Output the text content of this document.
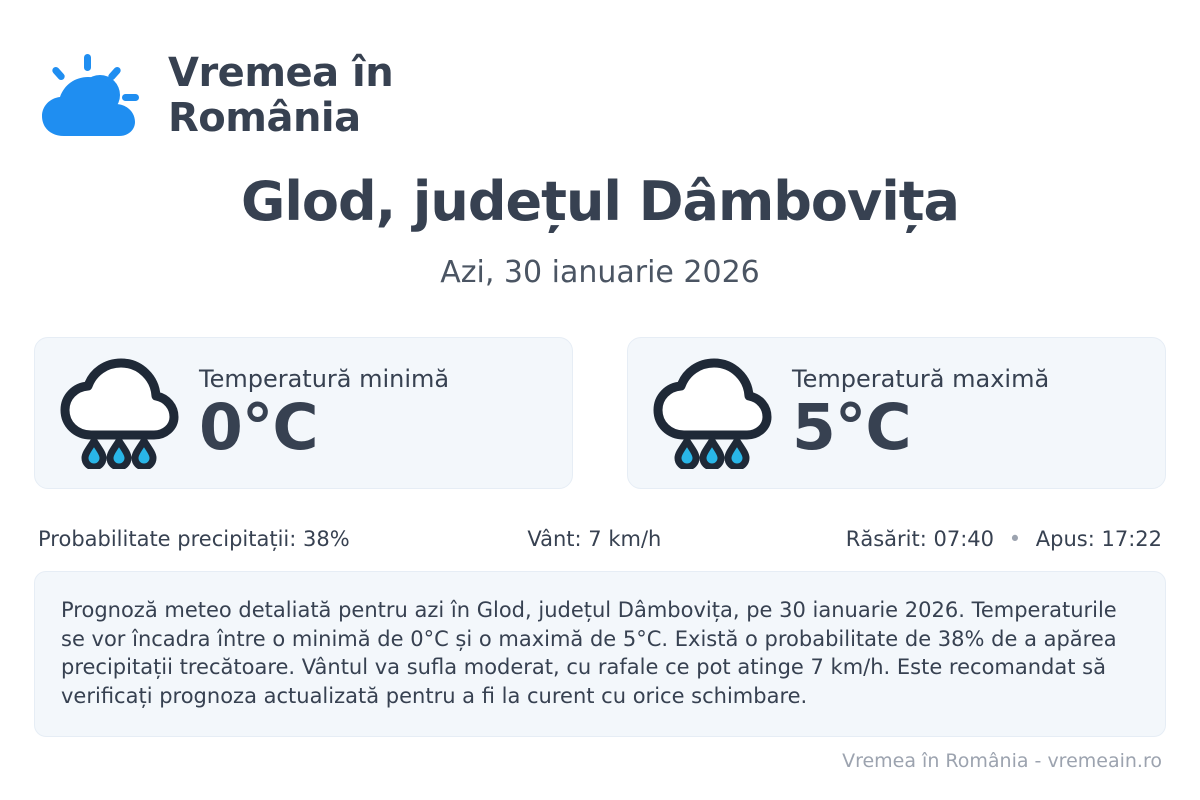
Vremea în România
Glod, județul Dâmbovița
Azi, 30 ianuarie 2026
Temperatură minimă
0°C
Temperatură maximă
5°C
Probabilitate precipitații: 38%	Vânt: 7 km/h	Răsărit: 07:40 • Apus: 17:22
Prognoză meteo detaliată pentru azi în Glod, județul Dâmbovița, pe 30 ianuarie 2026. Temperaturile se vor încadra între o minimă de 0°C și o maximă de 5°C. Există o probabilitate de 38% de a apărea precipitații trecătoare. Vântul va sufla moderat, cu rafale ce pot atinge 7 km/h. Este recomandat să verificați prognoza actualizată pentru a fi la curent cu orice schimbare.
Vremea în România - vremeain.ro
